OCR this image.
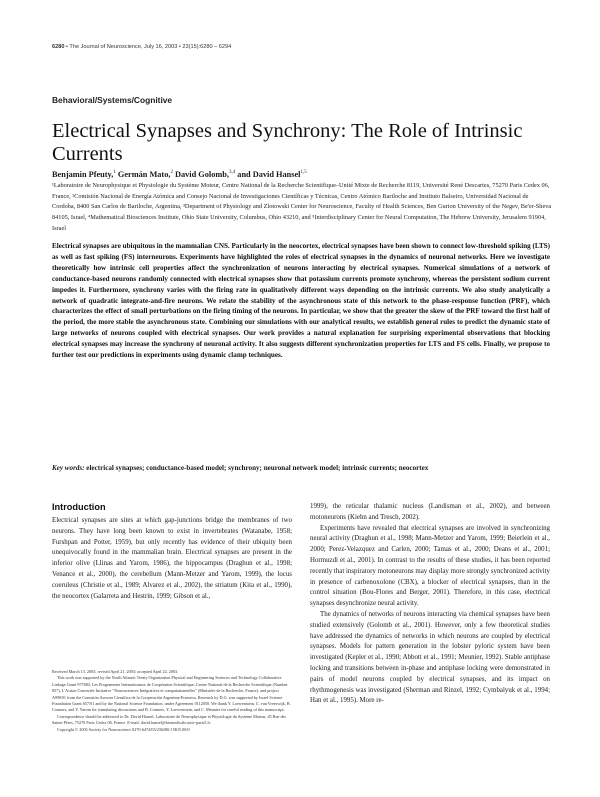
6280 • The Journal of Neuroscience, July 16, 2003 • 23(15):6280 – 6294
Behavioral/Systems/Cognitive
Electrical Synapses and Synchrony: The Role of Intrinsic Currents
Benjamin Pfeuty,$^1$ Germán Mato,$^2$ David Golomb,$^{3,4}$ and David Hansel$^{1,5}$
¹Laboratoire de Neurophysique et Physiologie du Système Moteur, Centre National de la Recherche Scientifique–Unité Mixte de Recherche 8119, Université René Descartes, 75270 Paris Cedex 06, France, ²Comisión Nacional de Energía Atómica and Consejo Nacional de Investigaciones Científicas y Técnicas, Centro Atómico Bariloche and Instituto Balseiro, Universidad Nacional de Cordoba, 8400 San Carlos de Bariloche, Argentina, ³Department of Physiology and Zlotowski Center for Neuroscience, Faculty of Health Sciences, Ben Gurion University of the Negev, Be'er-Sheva 84105, Israel, ⁴Mathematical Biosciences Institute, Ohio State University, Columbus, Ohio 43210, and ⁵Interdisciplinary Center for Neural Computation, The Hebrew University, Jerusalem 91904, Israel
Electrical synapses are ubiquitous in the mammalian CNS. Particularly in the neocortex, electrical synapses have been shown to connect low-threshold spiking (LTS) as well as fast spiking (FS) interneurons. Experiments have highlighted the roles of electrical synapses in the dynamics of neuronal networks. Here we investigate theoretically how intrinsic cell properties affect the synchronization of neurons interacting by electrical synapses. Numerical simulations of a network of conductance-based neurons randomly connected with electrical synapses show that potassium currents promote synchrony, whereas the persistent sodium current impedes it. Furthermore, synchrony varies with the firing rate in qualitatively different ways depending on the intrinsic currents. We also study analytically a network of quadratic integrate-and-fire neurons. We relate the stability of the asynchronous state of this network to the phase-response function (PRF), which characterizes the effect of small perturbations on the firing timing of the neurons. In particular, we show that the greater the skew of the PRF toward the first half of the period, the more stable the asynchronous state. Combining our simulations with our analytical results, we establish general rules to predict the dynamic state of large networks of neurons coupled with electrical synapses. Our work provides a natural explanation for surprising experimental observations that blocking electrical synapses may increase the synchrony of neuronal activity. It also suggests different synchronization properties for LTS and FS cells. Finally, we propose to further test our predictions in experiments using dynamic clamp techniques.
Key words: electrical synapses; conductance-based model; synchrony; neuronal network model; intrinsic currents; neocortex
Introduction

Electrical synapses are sites at which gap-junctions bridge the membranes of two neurons. They have long been known to exist in invertebrates (Watanabe, 1958; Furshpan and Potter, 1959), but only recently has evidence of their ubiquity been unequivocally found in the mammalian brain. Electrical synapses are present in the inferior olive (Llinas and Yarom, 1986), the hippocampus (Draghun et al., 1998; Venance et al., 2000), the cerebellum (Mann-Metzer and Yarom, 1999), the locus coeruleus (Christie et al., 1989; Alvarez et al., 2002), the striatum (Kita et al., 1990), the neocortex (Galarreta and Hestrin, 1999; Gibson et al.,

1999), the reticular thalamic nucleus (Landisman et al., 2002), and between motoneurons (Kiehn and Tresch, 2002).

Experiments have revealed that electrical synapses are involved in synchronizing neural activity (Draghun et al., 1998; Mann-Metzer and Yarom, 1999; Beierlein et al., 2000; Perez-Velazquez and Carlen, 2000; Tamas et al., 2000; Deans et al., 2001; Hormuzdi et al., 2001). In contrast to the results of these studies, it has been reported recently that inspiratory motoneurons may display more strongly synchronized activity in presence of carbenoxolone (CBX), a blocker of electrical synapses, than in the control situation (Bou-Flores and Berger, 2001). Therefore, in this case, electrical synapses desynchronize neural activity.

The dynamics of networks of neurons interacting via chemical synapses have been studied extensively (Golomb et al., 2001). However, only a few theoretical studies have addressed the dynamics of networks in which neurons are coupled by electrical synapses. Models for pattern generation in the lobster pyloric system have been investigated (Kepler et al., 1990; Abbott et al., 1991; Meunier, 1992). Stable antiphase locking and transitions between in-phase and antiphase locking were demonstrated in pairs of model neurons coupled by electrical synapses, and its impact on rhythmogenesis was investigated (Sherman and Rinzel, 1992; Cymbalyuk et al., 1994; Han et al., 1995). More re-

Received March 13, 2003; revised April 21, 2003; accepted April 22, 2003.

This work was supported by the North Atlantic Treaty Organization Physical and Engineering Sciences and Technology Collaborative Linkage Grant 977683, Les Programmes Internationaux de Coopération Scientifique–Centre National de la Recherche Scientifique (Number 857), L'Action Concertée Incitative "Neurosciences Intégratives et computationnelles" (Ministère de la Recherche, France), and project A99E01 from the Comisión Asesora Científica de la Cooperación Argentina-Francesa. Research by D.G. was supported by Israel Science Foundation Grant 657/01 and by the National Science Foundation, under Agreement 0112050. We thank Y. Loewenstein, C. van Vreeswijk, B. Connors, and Y. Yarom for stimulating discussions and B. Connors, Y. Loewenstein, and C. Meunier for careful reading of this manuscript.

Correspondence should be addressed to Dr. David Hansel, Laboratoire de Neurophysique et Physiologie du Système Moteur, 45 Rue des Saints-Pères, 75270 Paris Cedex 06, France. E-mail: david.hansel@biomedicale.univ-paris5.fr.

Copyright © 2003 Society for Neuroscience 0270-6474/03/236280-15$15.00/0
